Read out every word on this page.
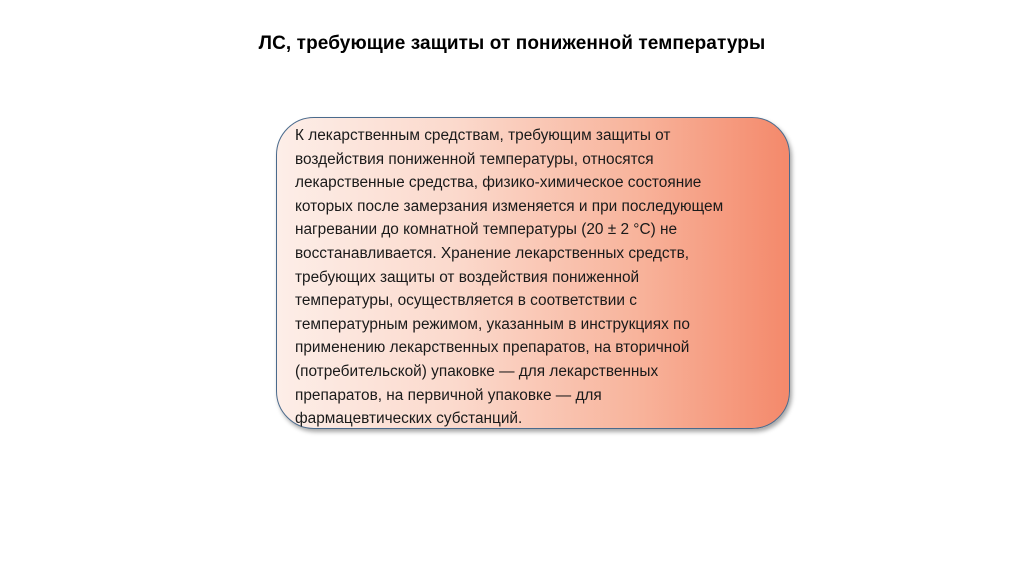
ЛС, требующие защиты от пониженной температуры

К лекарственным средствам, требующим защиты от
воздействия пониженной температуры, относятся
лекарственные средства, физико-химическое состояние
которых после замерзания изменяется и при последующем
нагревании до комнатной температуры (20 ± 2 °С) не
восстанавливается. Хранение лекарственных средств,
требующих защиты от воздействия пониженной
температуры, осуществляется в соответствии с
температурным режимом, указанным в инструкциях по
применению лекарственных препаратов, на вторичной
(потребительской) упаковке — для лекарственных
препаратов, на первичной упаковке — для
фармацевтических субстанций.
